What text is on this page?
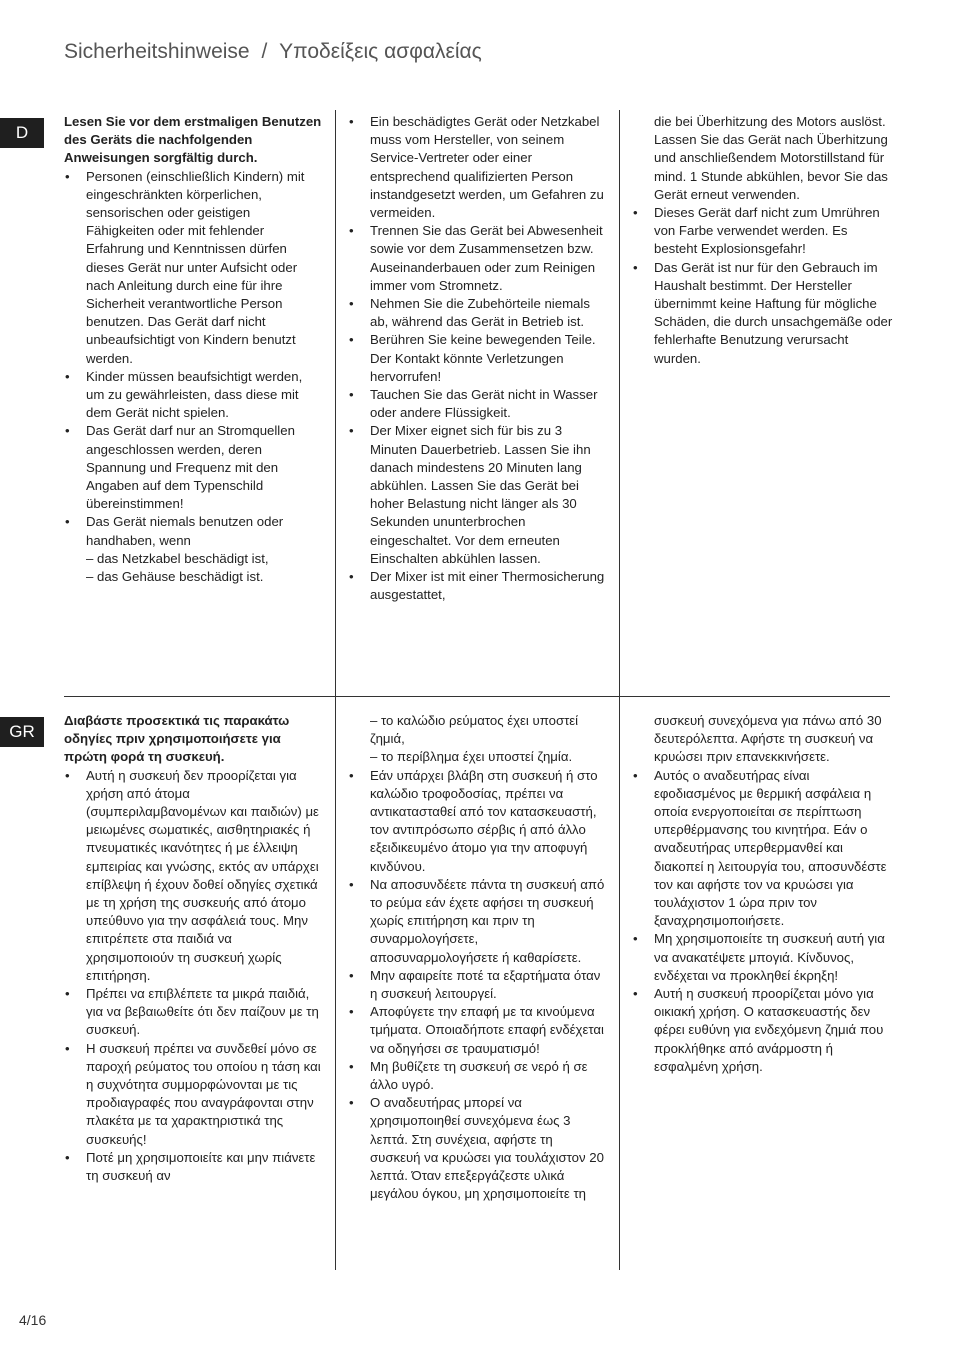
Sicherheitshinweise / Υποδείξεις ασφαλείας
D
GR

Lesen Sie vor dem erstmaligen Benutzen des Geräts die nachfolgenden Anweisungen sorgfältig durch.

• Personen (einschließlich Kindern) mit eingeschränkten körperlichen, sensorischen oder geistigen Fähigkeiten oder mit fehlender Erfahrung und Kenntnissen dürfen dieses Gerät nur unter Aufsicht oder nach Anleitung durch eine für ihre Sicherheit verantwortliche Person benutzen. Das Gerät darf nicht unbeaufsichtigt von Kindern benutzt werden.
• Kinder müssen beaufsichtigt werden, um zu gewährleisten, dass diese mit dem Gerät nicht spielen.
• Das Gerät darf nur an Stromquellen angeschlossen werden, deren Spannung und Frequenz mit den Angaben auf dem Typenschild übereinstimmen!
• Das Gerät niemals benutzen oder handhaben, wenn
– das Netzkabel beschädigt ist,
– das Gehäuse beschädigt ist.
• Ein beschädigtes Gerät oder Netzkabel muss vom Hersteller, von seinem Service-Vertreter oder einer entsprechend qualifizierten Person instandgesetzt werden, um Gefahren zu vermeiden.
• Trennen Sie das Gerät bei Abwesenheit sowie vor dem Zusammensetzen bzw. Auseinanderbauen oder zum Reinigen immer vom Stromnetz.
• Nehmen Sie die Zubehörteile niemals ab, während das Gerät in Betrieb ist.
• Berühren Sie keine bewegenden Teile. Der Kontakt könnte Verletzungen hervorrufen!
• Tauchen Sie das Gerät nicht in Wasser oder andere Flüssigkeit.
• Der Mixer eignet sich für bis zu 3 Minuten Dauerbetrieb. Lassen Sie ihn danach mindestens 20 Minuten lang abkühlen. Lassen Sie das Gerät bei hoher Belastung nicht länger als 30 Sekunden ununterbrochen eingeschaltet. Vor dem erneuten Einschalten abkühlen lassen.
• Der Mixer ist mit einer Thermosicherung ausgestattet,
die bei Überhitzung des Motors auslöst. Lassen Sie das Gerät nach Überhitzung und anschließendem Motorstillstand für mind. 1 Stunde abkühlen, bevor Sie das Gerät erneut verwenden.
• Dieses Gerät darf nicht zum Umrühren von Farbe verwendet werden. Es besteht Explosionsgefahr!
• Das Gerät ist nur für den Gebrauch im Haushalt bestimmt. Der Hersteller übernimmt keine Haftung für mögliche Schäden, die durch unsachgemäße oder fehlerhafte Benutzung verursacht wurden.

Διαβάστε προσεκτικά τις παρακάτω οδηγίες πριν χρησιμοποιήσετε για πρώτη φορά τη συσκευή.

• Αυτή η συσκευή δεν προορίζεται για χρήση από άτομα (συμπεριλαμβανομένων και παιδιών) με μειωμένες σωματικές, αισθητηριακές ή πνευματικές ικανότητες ή με έλλειψη εμπειρίας και γνώσης, εκτός αν υπάρχει επίβλεψη ή έχουν δοθεί οδηγίες σχετικά με τη χρήση της συσκευής από άτομο υπεύθυνο για την ασφάλειά τους. Μην επιτρέπετε στα παιδιά να χρησιμοποιούν τη συσκευή χωρίς επιτήρηση.
• Πρέπει να επιβλέπετε τα μικρά παιδιά, για να βεβαιωθείτε ότι δεν παίζουν με τη συσκευή.
• Η συσκευή πρέπει να συνδεθεί μόνο σε παροχή ρεύματος του οποίου η τάση και η συχνότητα συμμορφώνονται με τις προδιαγραφές που αναγράφονται στην πλακέτα με τα χαρακτηριστικά της συσκευής!
• Ποτέ μη χρησιμοποιείτε και μην πιάνετε τη συσκευή αν
– το καλώδιο ρεύματος έχει υποστεί ζημιά,
– το περίβλημα έχει υποστεί ζημία.
• Εάν υπάρχει βλάβη στη συσκευή ή στο καλώδιο τροφοδοσίας, πρέπει να αντικατασταθεί από τον κατασκευαστή, τον αντιπρόσωπο σέρβις ή από άλλο εξειδικευμένο άτομο για την αποφυγή κινδύνου.
• Να αποσυνδέετε πάντα τη συσκευή από το ρεύμα εάν έχετε αφήσει τη συσκευή χωρίς επιτήρηση και πριν τη συναρμολογήσετε, αποσυναρμολογήσετε ή καθαρίσετε.
• Μην αφαιρείτε ποτέ τα εξαρτήματα όταν η συσκευή λειτουργεί.
• Αποφύγετε την επαφή με τα κινούμενα τμήματα. Οποιαδήποτε επαφή ενδέχεται να οδηγήσει σε τραυματισμό!
• Μη βυθίζετε τη συσκευή σε νερό ή σε άλλο υγρό.
• Ο αναδευτήρας μπορεί να χρησιμοποιηθεί συνεχόμενα έως 3 λεπτά. Στη συνέχεια, αφήστε τη συσκευή να κρυώσει για τουλάχιστον 20 λεπτά. Όταν επεξεργάζεστε υλικά μεγάλου όγκου, μη χρησιμοποιείτε τη
συσκευή συνεχόμενα για πάνω από 30 δευτερόλεπτα. Αφήστε τη συσκευή να κρυώσει πριν επανεκκινήσετε.
• Αυτός ο αναδευτήρας είναι εφοδιασμένος με θερμική ασφάλεια η οποία ενεργοποιείται σε περίπτωση υπερθέρμανσης του κινητήρα. Εάν ο αναδευτήρας υπερθερμανθεί και διακοπεί η λειτουργία του, αποσυνδέστε τον και αφήστε τον να κρυώσει για τουλάχιστον 1 ώρα πριν τον ξαναχρησιμοποιήσετε.
• Μη χρησιμοποιείτε τη συσκευή αυτή για να ανακατέψετε μπογιά. Κίνδυνος, ενδέχεται να προκληθεί έκρηξη!
• Αυτή η συσκευή προορίζεται μόνο για οικιακή χρήση. Ο κατασκευαστής δεν φέρει ευθύνη για ενδεχόμενη ζημιά που προκλήθηκε από ανάρμοστη ή εσφαλμένη χρήση.
4/16
